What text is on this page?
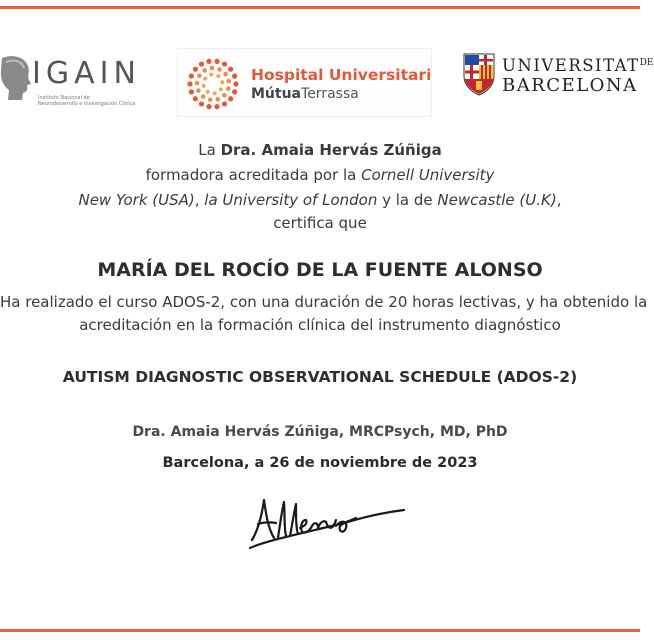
IGAIN
Instituto Nacional de
Neurodesarrollo e Investigación Clínica
Hospital Universitari
MútuaTerrassa
$UNIVERSITAT^{DE}$
BARCELONA
La Dra. Amaia Hervás Zúñiga
formadora acreditada por la Cornell University
New York (USA), la University of London y la de Newcastle (U.K),
certifica que
MARÍA DEL ROCÍO DE LA FUENTE ALONSO
Ha realizado el curso ADOS-2, con una duración de 20 horas lectivas, y ha obtenido la
acreditación en la formación clínica del instrumento diagnóstico
AUTISM DIAGNOSTIC OBSERVATIONAL SCHEDULE (ADOS-2)
Dra. Amaia Hervás Zúñiga, MRCPsych, MD, PhD
Barcelona, a 26 de noviembre de 2023
